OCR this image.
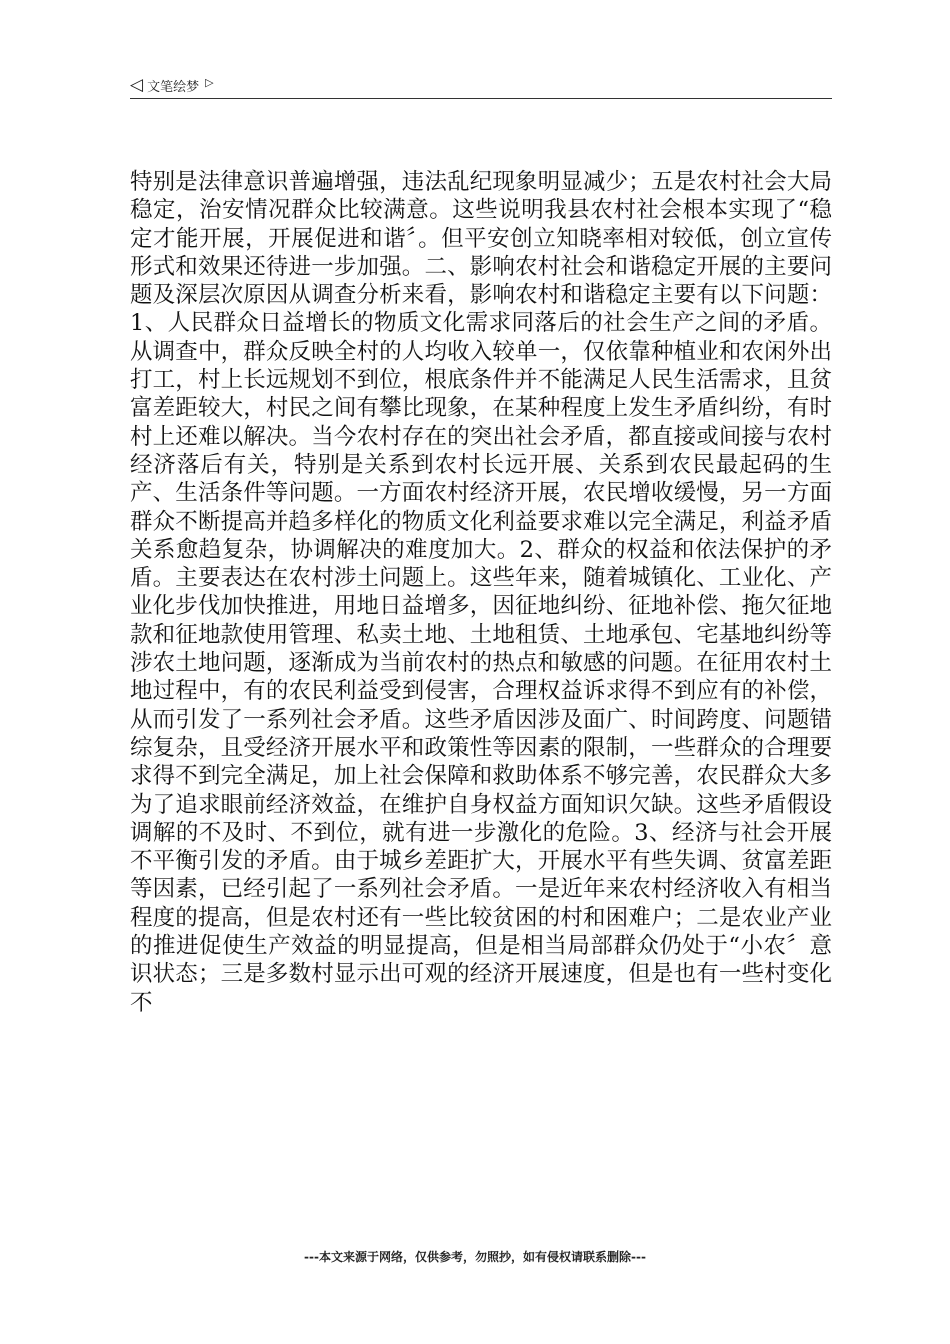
◁ 文笔绘梦 ▷
特别是法律意识普遍增强，违法乱纪现象明显减少；五是农村社会大局稳定，治安情况群众比较满意。这些说明我县农村社会根本实现了“稳定才能开展，开展促进和谐〞。但平安创立知晓率相对较低，创立宣传形式和效果还待进一步加强。二、影响农村社会和谐稳定开展的主要问题及深层次原因从调查分析来看，影响农村和谐稳定主要有以下问题：1、人民群众日益增长的物质文化需求同落后的社会生产之间的矛盾。从调查中，群众反映全村的人均收入较单一，仅依靠种植业和农闲外出打工，村上长远规划不到位，根底条件并不能满足人民生活需求，且贫富差距较大，村民之间有攀比现象，在某种程度上发生矛盾纠纷，有时村上还难以解决。当今农村存在的突出社会矛盾，都直接或间接与农村经济落后有关，特别是关系到农村长远开展、关系到农民最起码的生产、生活条件等问题。一方面农村经济开展，农民增收缓慢，另一方面群众不断提高并趋多样化的物质文化利益要求难以完全满足，利益矛盾关系愈趋复杂，协调解决的难度加大。2、群众的权益和依法保护的矛盾。主要表达在农村涉土问题上。这些年来，随着城镇化、工业化、产业化步伐加快推进，用地日益增多，因征地纠纷、征地补偿、拖欠征地款和征地款使用管理、私卖土地、土地租赁、土地承包、宅基地纠纷等涉农土地问题，逐渐成为当前农村的热点和敏感的问题。在征用农村土地过程中，有的农民利益受到侵害，合理权益诉求得不到应有的补偿，从而引发了一系列社会矛盾。这些矛盾因涉及面广、时间跨度、问题错综复杂，且受经济开展水平和政策性等因素的限制，一些群众的合理要求得不到完全满足，加上社会保障和救助体系不够完善，农民群众大多为了追求眼前经济效益，在维护自身权益方面知识欠缺。这些矛盾假设调解的不及时、不到位，就有进一步激化的危险。3、经济与社会开展不平衡引发的矛盾。由于城乡差距扩大，开展水平有些失调、贫富差距等因素，已经引起了一系列社会矛盾。一是近年来农村经济收入有相当程度的提高，但是农村还有一些比较贫困的村和困难户；二是农业产业的推进促使生产效益的明显提高，但是相当局部群众仍处于“小农〞意识状态；三是多数村显示出可观的经济开展速度，但是也有一些村变化不
---本文来源于网络，仅供参考，勿照抄，如有侵权请联系删除---
